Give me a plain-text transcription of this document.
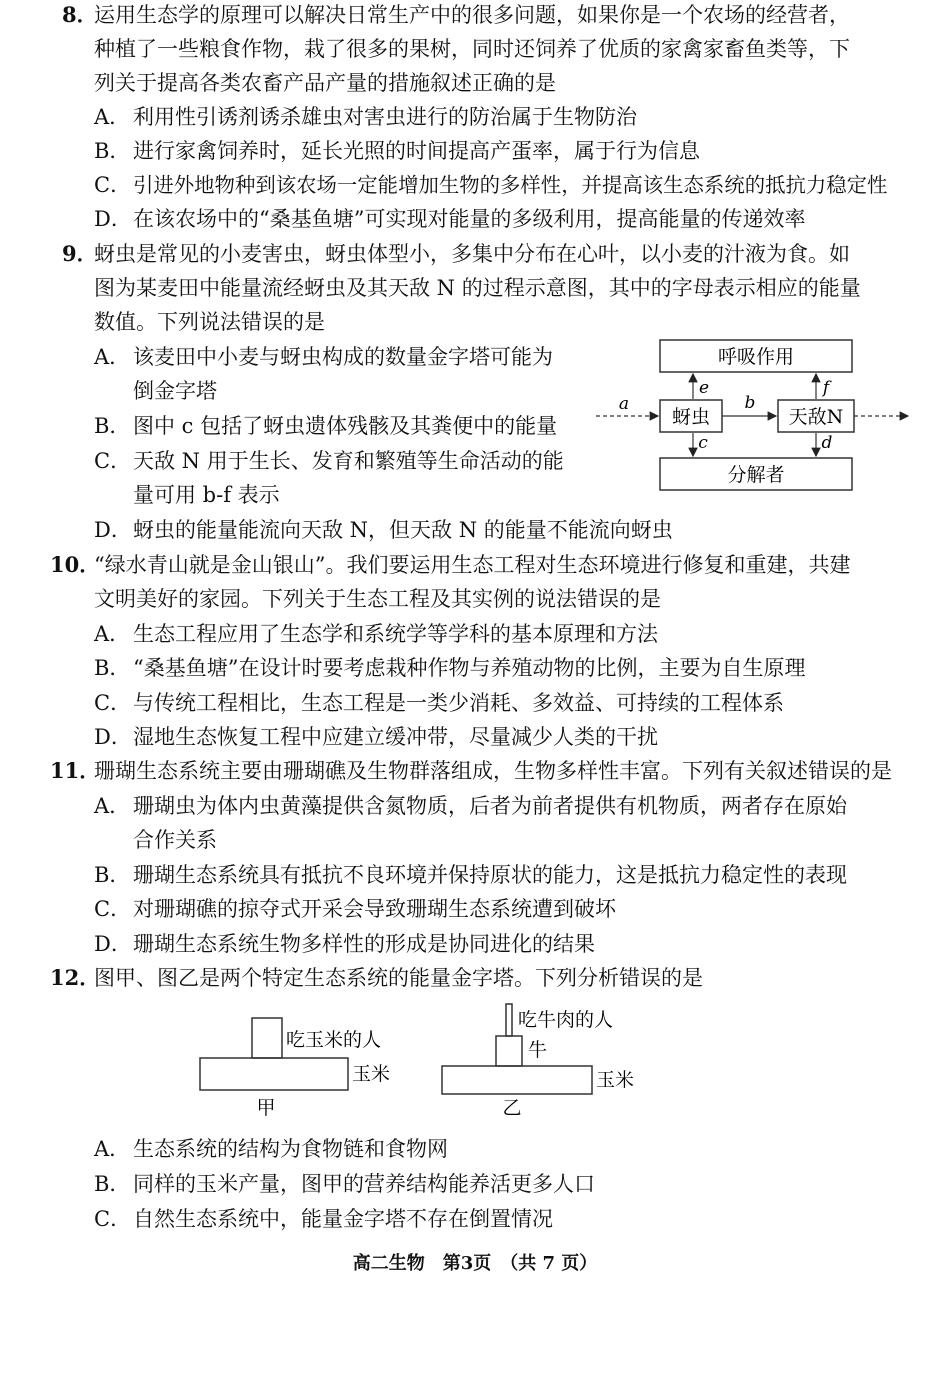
8．
运用生态学的原理可以解决日常生产中的很多问题，如果你是一个农场的经营者，
种植了一些粮食作物，栽了很多的果树，同时还饲养了优质的家禽家畜鱼类等，下
列关于提高各类农畜产品产量的措施叙述正确的是
A． 利用性引诱剂诱杀雄虫对害虫进行的防治属于生物防治
B． 进行家禽饲养时，延长光照的时间提高产蛋率，属于行为信息
C． 引进外地物种到该农场一定能增加生物的多样性，并提高该生态系统的抵抗力稳定性
D． 在该农场中的“桑基鱼塘”可实现对能量的多级利用，提高能量的传递效率
9．
蚜虫是常见的小麦害虫，蚜虫体型小，多集中分布在心叶，以小麦的汁液为食。如
图为某麦田中能量流经蚜虫及其天敌 N 的过程示意图，其中的字母表示相应的能量
数值。下列说法错误的是
A． 该麦田中小麦与蚜虫构成的数量金字塔可能为
倒金字塔
B． 图中 c 包括了蚜虫遗体残骸及其粪便中的能量
C． 天敌 N 用于生长、发育和繁殖等生命活动的能
量可用 b-f 表示
D． 蚜虫的能量能流向天敌 N，但天敌 N 的能量不能流向蚜虫
呼吸作用
蚜虫	天敌N
分解者
a	b
e	f
c	d
10．
“绿水青山就是金山银山”。我们要运用生态工程对生态环境进行修复和重建，共建
文明美好的家园。下列关于生态工程及其实例的说法错误的是
A． 生态工程应用了生态学和系统学等学科的基本原理和方法
B． “桑基鱼塘”在设计时要考虑栽种作物与养殖动物的比例，主要为自生原理
C． 与传统工程相比，生态工程是一类少消耗、多效益、可持续的工程体系
D． 湿地生态恢复工程中应建立缓冲带，尽量减少人类的干扰
11．
珊瑚生态系统主要由珊瑚礁及生物群落组成，生物多样性丰富。下列有关叙述错误的是
A． 珊瑚虫为体内虫黄藻提供含氮物质，后者为前者提供有机物质，两者存在原始
合作关系
B． 珊瑚生态系统具有抵抗不良环境并保持原状的能力，这是抵抗力稳定性的表现
C． 对珊瑚礁的掠夺式开采会导致珊瑚生态系统遭到破坏
D． 珊瑚生态系统生物多样性的形成是协同进化的结果
12．
图甲、图乙是两个特定生态系统的能量金字塔。下列分析错误的是
吃玉米的人
玉米
甲
吃牛肉的人
牛
玉米
乙
A． 生态系统的结构为食物链和食物网
B． 同样的玉米产量，图甲的营养结构能养活更多人口
C． 自然生态系统中，能量金字塔不存在倒置情况
高二生物　第3页　（共 7 页）
